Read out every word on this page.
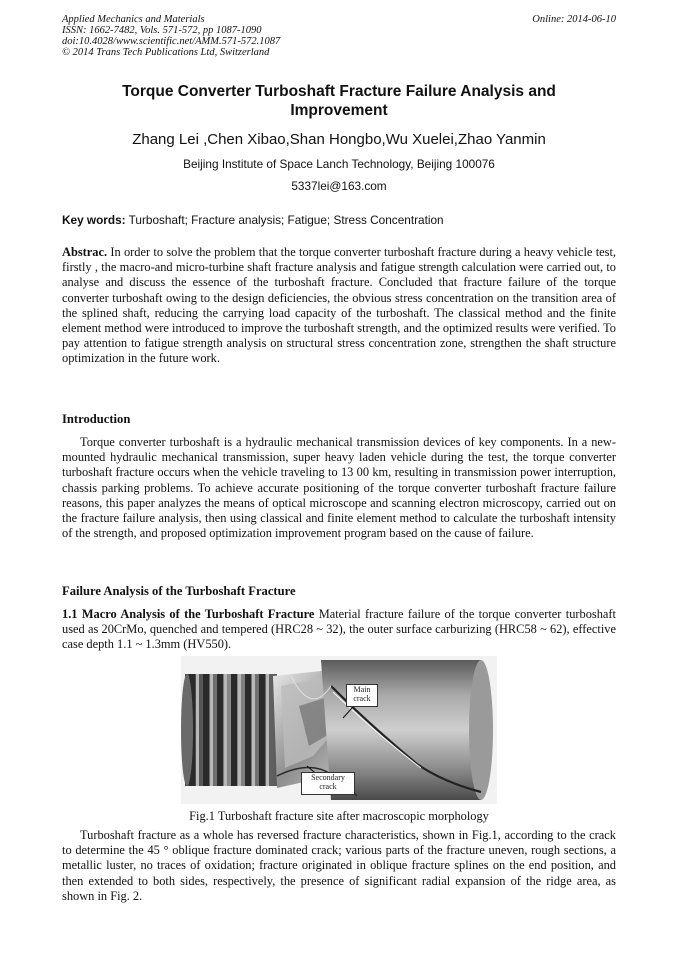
Applied Mechanics and Materials
ISSN: 1662-7482, Vols. 571-572, pp 1087-1090
doi:10.4028/www.scientific.net/AMM.571-572.1087
© 2014 Trans Tech Publications Ltd, Switzerland
Online: 2014-06-10
Torque Converter Turboshaft Fracture Failure Analysis and Improvement
Zhang Lei ,Chen Xibao,Shan Hongbo,Wu Xuelei,Zhao Yanmin
Beijing Institute of Space Lanch Technology, Beijing 100076
5337lei@163.com
Key words: Turboshaft; Fracture analysis; Fatigue; Stress Concentration
Abstrac. In order to solve the problem that the torque converter turboshaft fracture during a heavy vehicle test, firstly , the macro-and micro-turbine shaft fracture analysis and fatigue strength calculation were carried out, to analyse and discuss the essence of the turboshaft fracture. Concluded that fracture failure of the torque converter turboshaft owing to the design deficiencies, the obvious stress concentration on the transition area of the splined shaft, reducing the carrying load capacity of the turboshaft. The classical method and the finite element method were introduced to improve the turboshaft strength, and the optimized results were verified. To pay attention to fatigue strength analysis on structural stress concentration zone, strengthen the shaft structure optimization in the future work.
Introduction
Torque converter turboshaft is a hydraulic mechanical transmission devices of key components. In a new-mounted hydraulic mechanical transmission, super heavy laden vehicle during the test, the torque converter turboshaft fracture occurs when the vehicle traveling to 13 00 km, resulting in transmission power interruption, chassis parking problems. To achieve accurate positioning of the torque converter turboshaft fracture failure reasons, this paper analyzes the means of optical microscope and scanning electron microscopy, carried out on the fracture failure analysis, then using classical and finite element method to calculate the turboshaft intensity of the strength, and proposed optimization improvement program based on the cause of failure.
Failure Analysis of the Turboshaft Fracture
1.1 Macro Analysis of the Turboshaft Fracture Material fracture failure of the torque converter turboshaft used as 20CrMo, quenched and tempered (HRC28 ~ 32), the outer surface carburizing (HRC58 ~ 62), effective case depth 1.1 ~ 1.3mm (HV550).
Main
crack
Secondary
crack
Fig.1 Turboshaft fracture site after macroscopic morphology
Turboshaft fracture as a whole has reversed fracture characteristics, shown in Fig.1, according to the crack to determine the 45 ° oblique fracture dominated crack; various parts of the fracture uneven, rough sections, a metallic luster, no traces of oxidation; fracture originated in oblique fracture splines on the end position, and then extended to both sides, respectively, the presence of significant radial expansion of the ridge area, as shown in Fig. 2.
